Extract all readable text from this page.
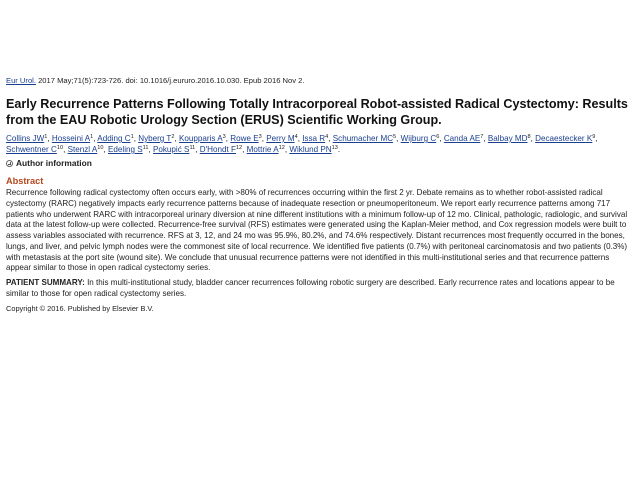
Eur Urol. 2017 May;71(5):723-726. doi: 10.1016/j.eururo.2016.10.030. Epub 2016 Nov 2.
Early Recurrence Patterns Following Totally Intracorporeal Robot-assisted Radical Cystectomy: Results from the EAU Robotic Urology Section (ERUS) Scientific Working Group.
Collins $JW^1$, Hosseini $A^1$, Adding $C^1$, Nyberg $T^2$, Koupparis $A^3$, Rowe $E^3$, Perry $M^4$, Issa $R^4$, Schumacher $MC^5$, Wijburg $C^6$, Canda $AE^7$, Balbay $MD^8$, Decaestecker $K^9$, Schwentner $C^{10}$, Stenzl $A^{10}$, Edeling $S^{11}$, Pokupić $S^{11}$, D'Hondt $F^{12}$, Mottrie $A^{12}$, Wiklund PN$^{13}$.
Author information
Abstract
Recurrence following radical cystectomy often occurs early, with >80% of recurrences occurring within the first 2 yr. Debate remains as to whether robot-assisted radical cystectomy (RARC) negatively impacts early recurrence patterns because of inadequate resection or pneumoperitoneum. We report early recurrence patterns among 717 patients who underwent RARC with intracorporeal urinary diversion at nine different institutions with a minimum follow-up of 12 mo. Clinical, pathologic, radiologic, and survival data at the latest follow-up were collected. Recurrence-free survival (RFS) estimates were generated using the Kaplan-Meier method, and Cox regression models were built to assess variables associated with recurrence. RFS at 3, 12, and 24 mo was 95.9%, 80.2%, and 74.6% respectively. Distant recurrences most frequently occurred in the bones, lungs, and liver, and pelvic lymph nodes were the commonest site of local recurrence. We identified five patients (0.7%) with peritoneal carcinomatosis and two patients (0.3%) with metastasis at the port site (wound site). We conclude that unusual recurrence patterns were not identified in this multi-institutional series and that recurrence patterns appear similar to those in open radical cystectomy series.
PATIENT SUMMARY: In this multi-institutional study, bladder cancer recurrences following robotic surgery are described. Early recurrence rates and locations appear to be similar to those for open radical cystectomy series.
Copyright © 2016. Published by Elsevier B.V.
